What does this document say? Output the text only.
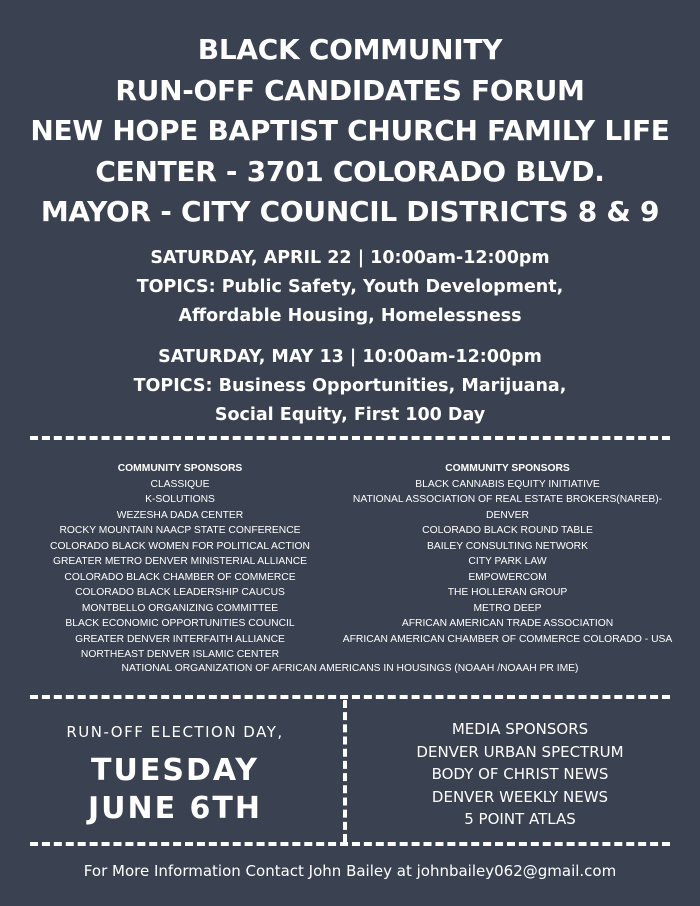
BLACK COMMUNITY
RUN-OFF CANDIDATES FORUM
NEW HOPE BAPTIST CHURCH FAMILY LIFE
CENTER - 3701 COLORADO BLVD.
MAYOR - CITY COUNCIL DISTRICTS 8 & 9
SATURDAY, APRIL 22 | 10:00am-12:00pm
TOPICS: Public Safety, Youth Development,
Affordable Housing, Homelessness
SATURDAY, MAY 13 | 10:00am-12:00pm
TOPICS: Business Opportunities, Marijuana,
Social Equity, First 100 Day
COMMUNITY SPONSORS
CLASSIQUE
K-SOLUTIONS
WEZESHA DADA CENTER
ROCKY MOUNTAIN NAACP STATE CONFERENCE
COLORADO BLACK WOMEN FOR POLITICAL ACTION
GREATER METRO DENVER MINISTERIAL ALLIANCE
COLORADO BLACK CHAMBER OF COMMERCE
COLORADO BLACK LEADERSHIP CAUCUS
MONTBELLO ORGANIZING COMMITTEE
BLACK ECONOMIC OPPORTUNITIES COUNCIL
GREATER DENVER INTERFAITH ALLIANCE
NORTHEAST DENVER ISLAMIC CENTER
COMMUNITY SPONSORS
BLACK CANNABIS EQUITY INITIATIVE
NATIONAL ASSOCIATION OF REAL ESTATE BROKERS(NAREB)-
DENVER
COLORADO BLACK ROUND TABLE
BAILEY CONSULTING NETWORK
CITY PARK LAW
EMPOWERCOM
THE HOLLERAN GROUP
METRO DEEP
AFRICAN AMERICAN TRADE ASSOCIATION
AFRICAN AMERICAN CHAMBER OF COMMERCE COLORADO - USA
NATIONAL ORGANIZATION OF AFRICAN AMERICANS IN HOUSINGS (NOAAH /NOAAH PR IME)
RUN-OFF ELECTION DAY,
TUESDAY
JUNE 6TH
MEDIA SPONSORS
DENVER URBAN SPECTRUM
BODY OF CHRIST NEWS
DENVER WEEKLY NEWS
5 POINT ATLAS
For More Information Contact John Bailey at johnbailey062@gmail.com
